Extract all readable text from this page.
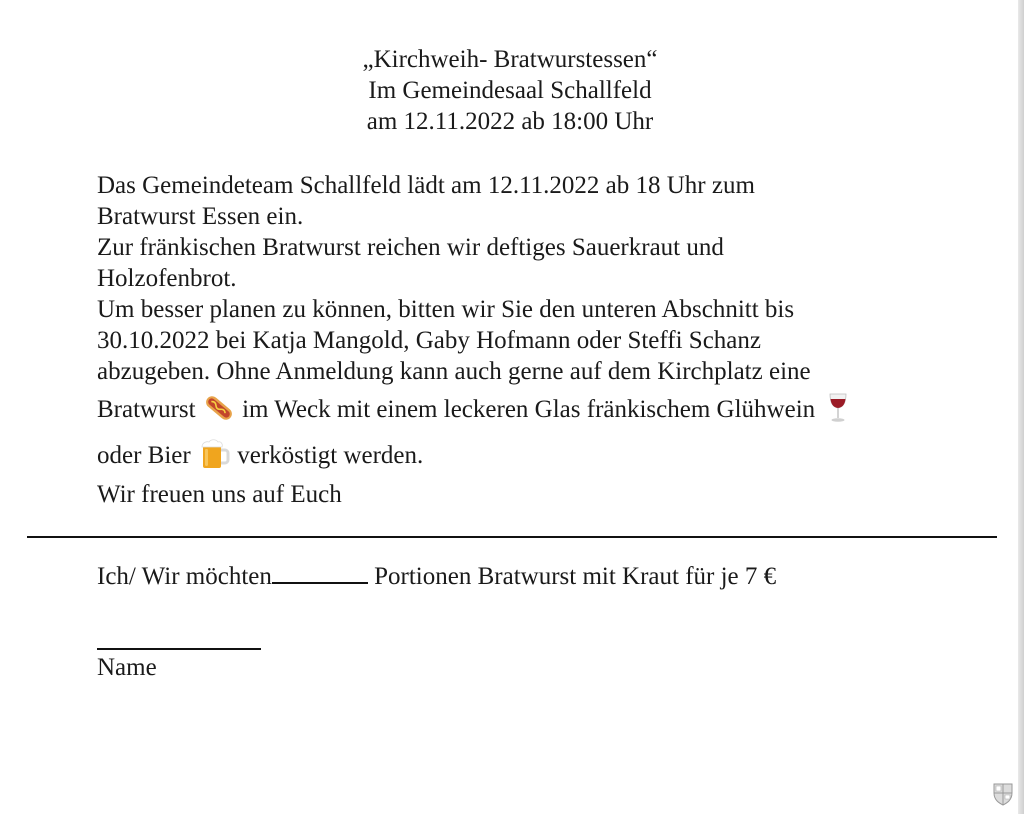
„Kirchweih- Bratwurstessen“
Im Gemeindesaal Schallfeld
am 12.11.2022 ab 18:00 Uhr
Das Gemeindeteam Schallfeld lädt am 12.11.2022 ab 18 Uhr zum
Bratwurst Essen ein.
Zur fränkischen Bratwurst reichen wir deftiges Sauerkraut und
Holzofenbrot.
Um besser planen zu können, bitten wir Sie den unteren Abschnitt bis
30.10.2022 bei Katja Mangold, Gaby Hofmann oder Steffi Schanz
abzugeben. Ohne Anmeldung kann auch gerne auf dem Kirchplatz eine
Bratwurst im Weck mit einem leckeren Glas fränkischem Glühwein
oder Bier verköstigt werden.
Wir freuen uns auf Euch
Ich/ Wir möchten	Portionen Bratwurst mit Kraut für je 7 €
Name
